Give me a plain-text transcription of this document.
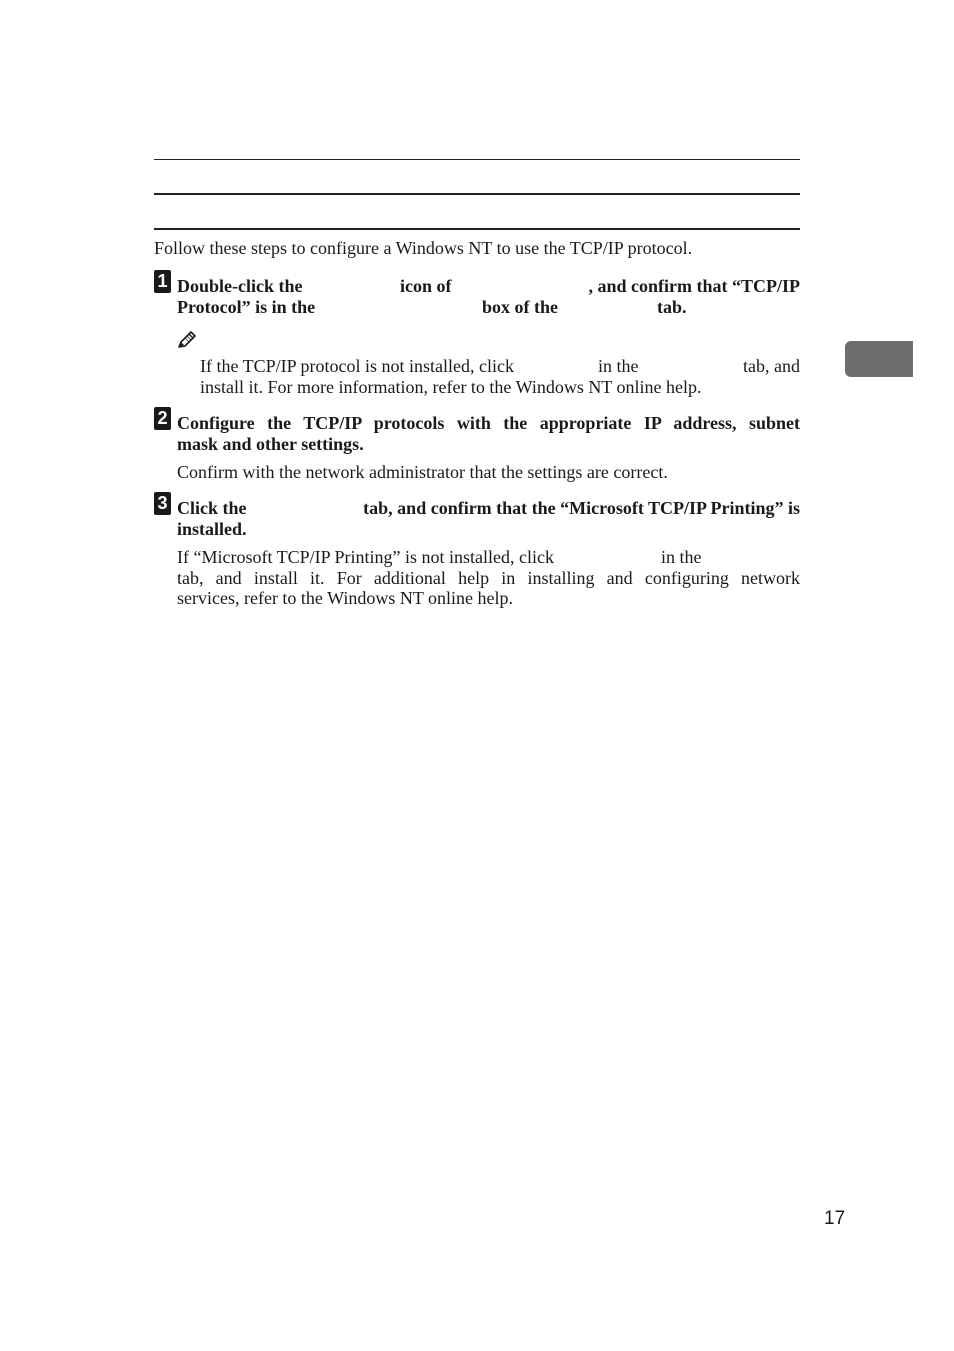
Follow these steps to configure a Windows NT to use the TCP/IP protocol.
1 Double-click the	icon of	, and confirm that “TCP/IP
Protocol” is in the	box of the	tab.
If the TCP/IP protocol is not installed, click	in the	tab, and
install it. For more information, refer to the Windows NT online help.
2 Configure the TCP/IP protocols with the appropriate IP address, subnet
mask and other settings.
Confirm with the network administrator that the settings are correct.
3 Click the	tab, and confirm that the “Microsoft TCP/IP Printing” is
installed.
If “Microsoft TCP/IP Printing” is not installed, click	in the
tab, and install it. For additional help in installing and configuring network
services, refer to the Windows NT online help.
17
